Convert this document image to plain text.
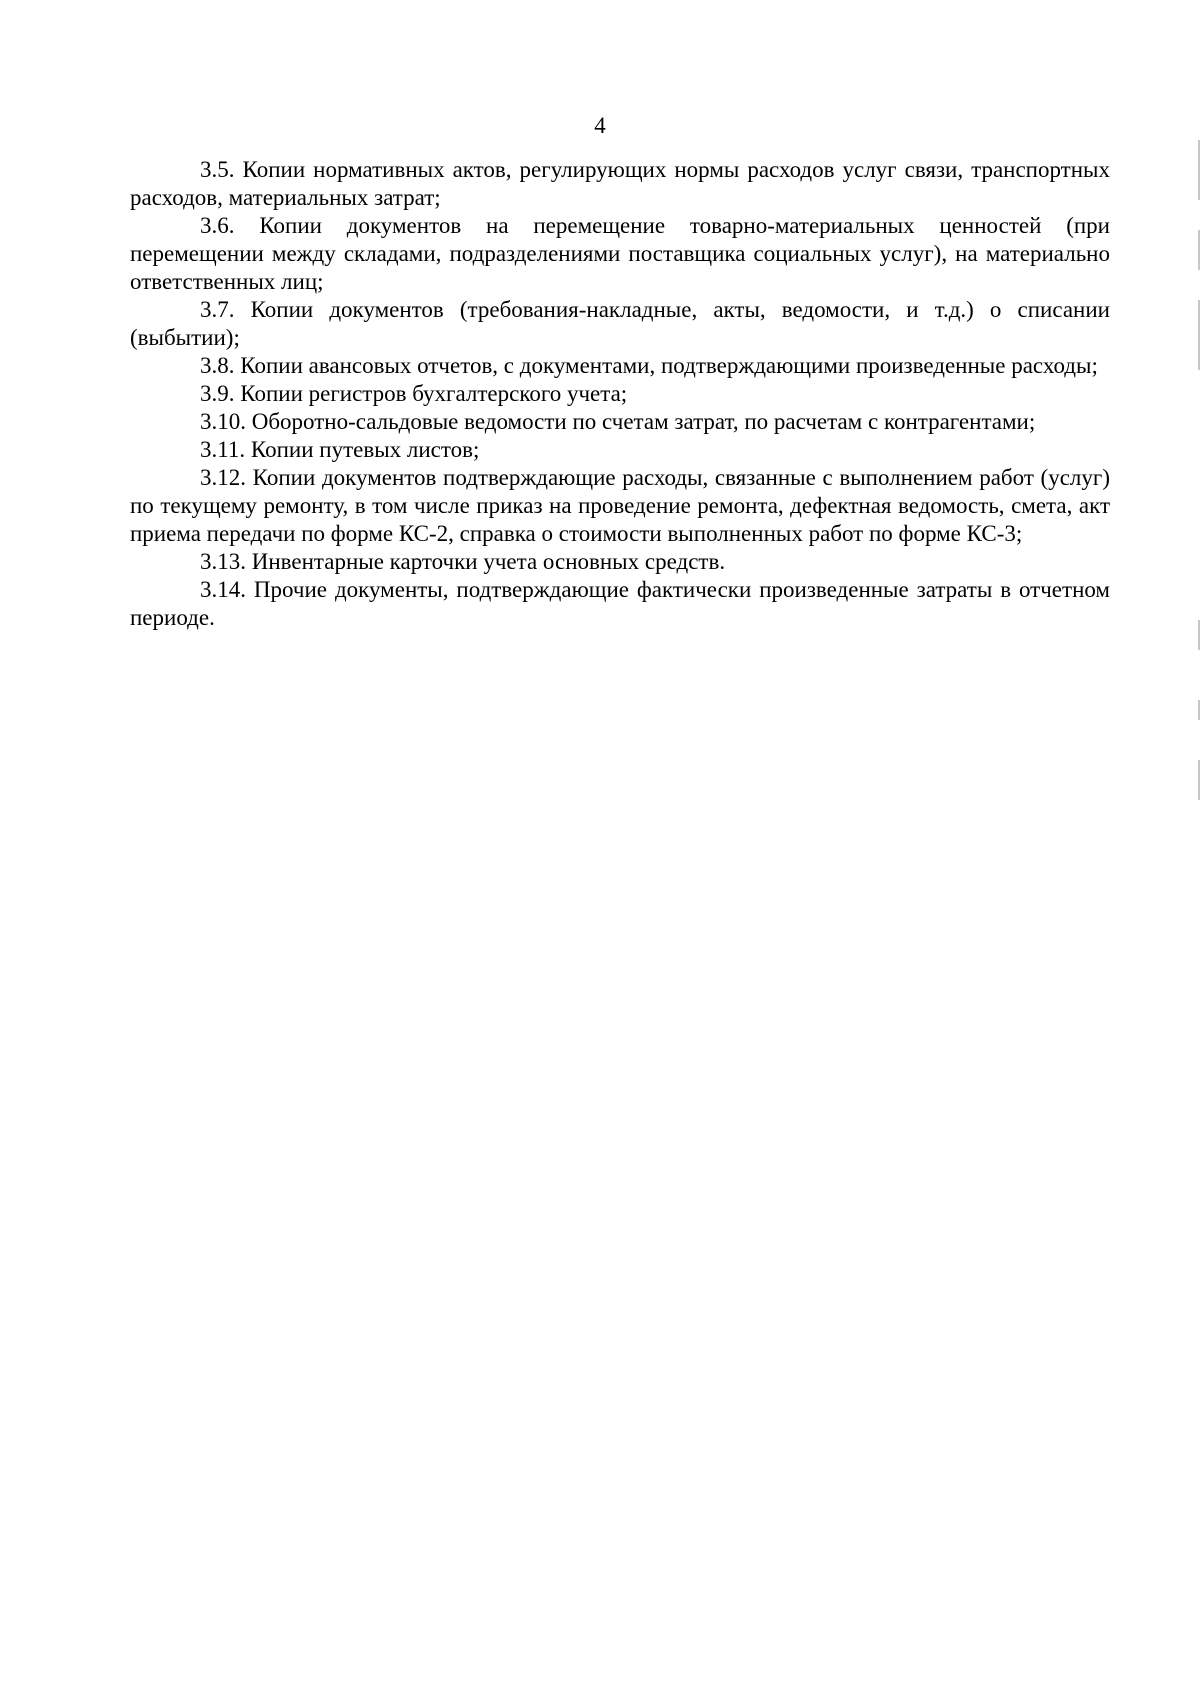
4

3.5. Копии нормативных актов, регулирующих нормы расходов услуг связи, транспортных расходов, материальных затрат;

3.6. Копии документов на перемещение товарно-материальных ценностей (при перемещении между складами, подразделениями поставщика социальных услуг), на материально ответственных лиц;

3.7. Копии документов (требования-накладные, акты, ведомости, и т.д.) о списании (выбытии);

3.8. Копии авансовых отчетов, с документами, подтверждающими произведенные расходы;

3.9. Копии регистров бухгалтерского учета;

3.10. Оборотно-сальдовые ведомости по счетам затрат, по расчетам с контрагентами;

3.11. Копии путевых листов;

3.12. Копии документов подтверждающие расходы, связанные с выполнением работ (услуг) по текущему ремонту, в том числе приказ на проведение ремонта, дефектная ведомость, смета, акт приема передачи по форме КС-2, справка о стоимости выполненных работ по форме КС-3;

3.13. Инвентарные карточки учета основных средств.

3.14. Прочие документы, подтверждающие фактически произведенные затраты в отчетном периоде.
